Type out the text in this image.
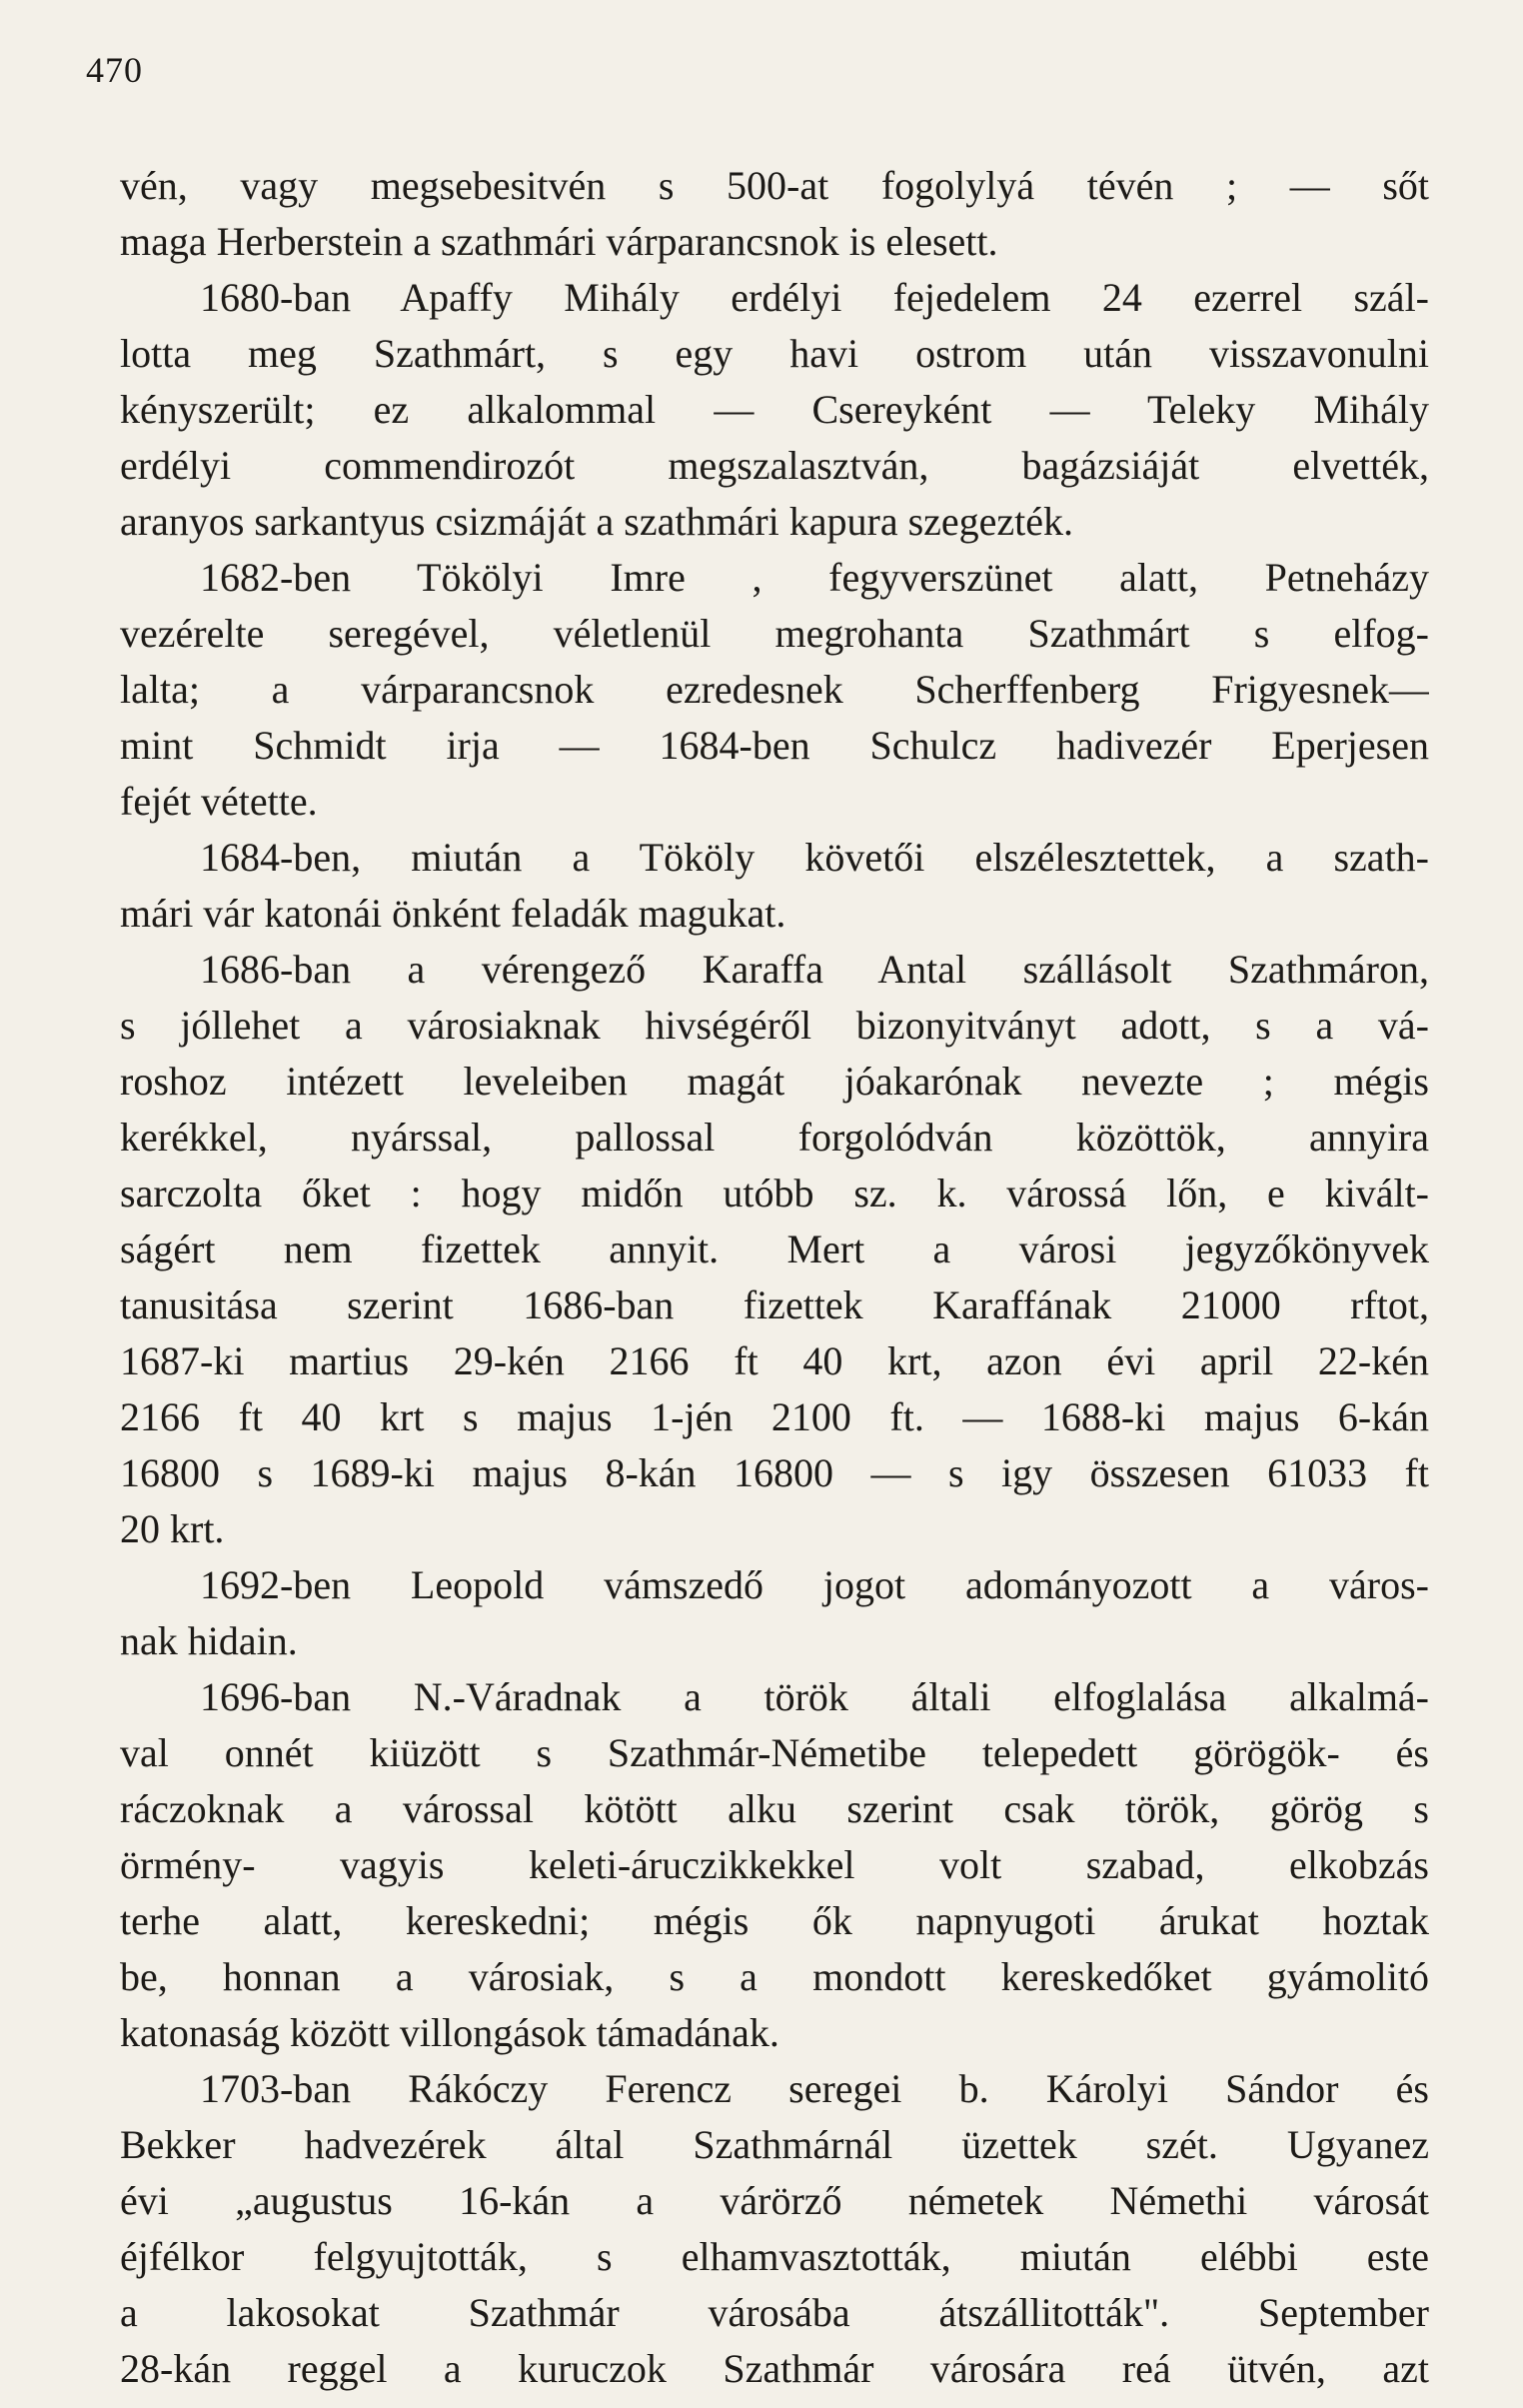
470
vén, vagy megsebesitvén s 500-at fogolylyá tévén ; — sőt
maga Herberstein a szathmári várparancsnok is elesett.
1680-ban Apaffy Mihály erdélyi fejedelem 24 ezerrel szál-
lotta meg Szathmárt, s egy havi ostrom után visszavonulni
kényszerült; ez alkalommal — Csereyként — Teleky Mihály
erdélyi commendirozót megszalasztván, bagázsiáját elvették,
aranyos sarkantyus csizmáját a szathmári kapura szegezték.
1682-ben Tökölyi Imre , fegyverszünet alatt, Petneházy
vezérelte seregével, véletlenül megrohanta Szathmárt s elfog-
lalta; a várparancsnok ezredesnek Scherffenberg Frigyesnek—
mint Schmidt irja — 1684-ben Schulcz hadivezér Eperjesen
fejét vétette.
1684-ben, miután a Tököly követői elszélesztettek, a szath-
mári vár katonái önként feladák magukat.
1686-ban a vérengező Karaffa Antal szállásolt Szathmáron,
s jóllehet a városiaknak hivségéről bizonyitványt adott, s a vá-
roshoz intézett leveleiben magát jóakarónak nevezte ; mégis
kerékkel, nyárssal, pallossal forgolódván közöttök, annyira
sarczolta őket : hogy midőn utóbb sz. k. várossá lőn, e kivált-
ságért nem fizettek annyit. Mert a városi jegyzőkönyvek
tanusitása szerint 1686-ban fizettek Karaffának 21000 rftot,
1687-ki martius 29-kén 2166 ft 40 krt, azon évi april 22-kén
2166 ft 40 krt s majus 1-jén 2100 ft. — 1688-ki majus 6-kán
16800 s 1689-ki majus 8-kán 16800 — s igy összesen 61033 ft
20 krt.
1692-ben Leopold vámszedő jogot adományozott a város-
nak hidain.
1696-ban N.-Váradnak a török általi elfoglalása alkalmá-
val onnét kiüzött s Szathmár-Németibe telepedett görögök- és
ráczoknak a várossal kötött alku szerint csak török, görög s
örmény- vagyis keleti-áruczikkekkel volt szabad, elkobzás
terhe alatt, kereskedni; mégis ők napnyugoti árukat hoztak
be, honnan a városiak, s a mondott kereskedőket gyámolitó
katonaság között villongások támadának.
1703-ban Rákóczy Ferencz seregei b. Károlyi Sándor és
Bekker hadvezérek által Szathmárnál üzettek szét. Ugyanez
évi „augustus 16-kán a várörző németek Némethi városát
éjfélkor felgyujtották, s elhamvasztották, miután elébbi este
a lakosokat Szathmár városába átszállitották". September
28-kán reggel a kuruczok Szathmár városára reá ütvén, azt
